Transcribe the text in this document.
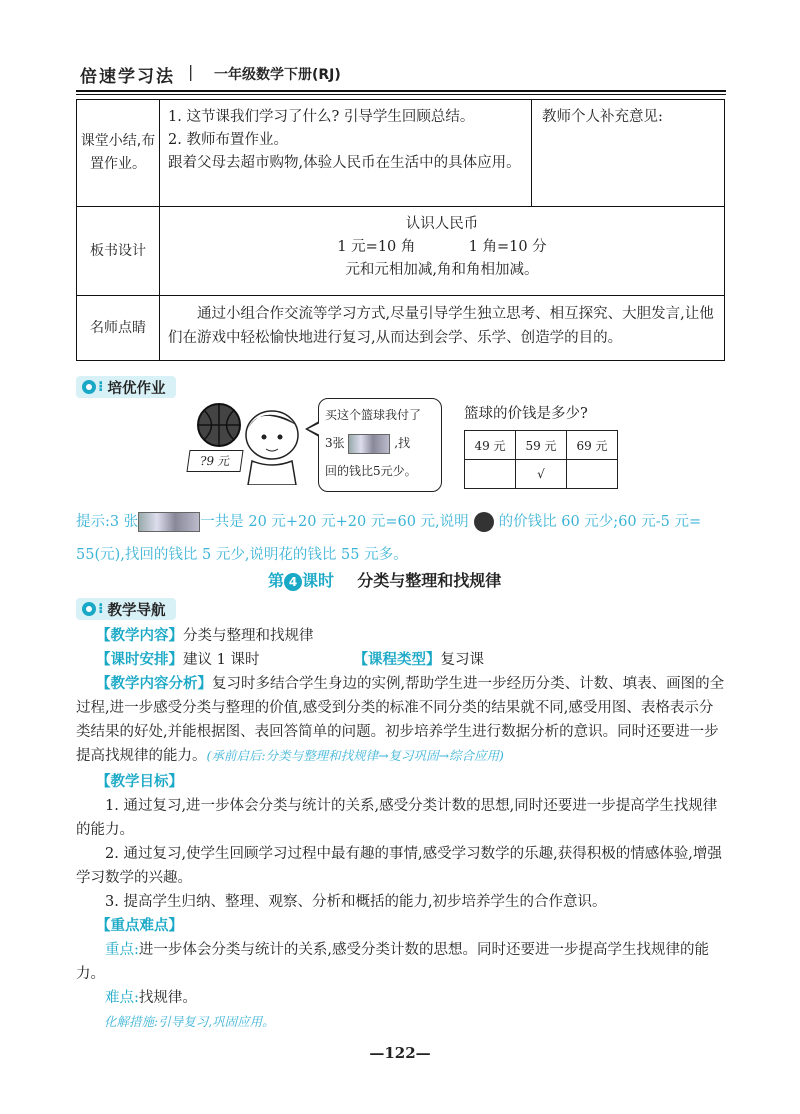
倍速学习法 | 一年级数学下册(RJ)
课堂小结,布置作业。	1. 这节课我们学习了什么? 引导学生回顾总结。
2. 教师布置作业。
跟着父母去超市购物,体验人民币在生活中的具体应用。	教师个人补充意见:
板书设计	认识人民币
1 元=10 角 1 角=10 分
元和元相加减,角和角相加减。	

名师点睛	通过小组合作交流等学习方式,尽量引导学生独立思考、相互探究、大胆发言,让他们在游戏中轻松愉快地进行复习,从而达到会学、乐学、创造学的目的。	
⁝ 培优作业
?9 元
买这个篮球我付了
3张	,找
回的钱比5元少。
篮球的价钱是多少?
49 元	59 元	69 元
	√	
提示:3 张	一共是 20 元+20 元+20 元=60 元,说明 的价钱比 60 元少;60 元-5 元=
55(元),找回的钱比 5 元少,说明花的钱比 55 元多。
第 4 课时 分类与整理和找规律
⁝ 教学导航
【教学内容】分类与整理和找规律
【课时安排】建议 1 课时	【课程类型】复习课
【教学内容分析】复习时多结合学生身边的实例,帮助学生进一步经历分类、计数、填表、画图的全过程,进一步感受分类与整理的价值,感受到分类的标准不同分类的结果就不同,感受用图、表格表示分类结果的好处,并能根据图、表回答简单的问题。初步培养学生进行数据分析的意识。同时还要进一步提高找规律的能力。(承前启后:分类与整理和找规律→复习巩固→综合应用)
【教学目标】
1. 通过复习,进一步体会分类与统计的关系,感受分类计数的思想,同时还要进一步提高学生找规律的能力。
2. 通过复习,使学生回顾学习过程中最有趣的事情,感受学习数学的乐趣,获得积极的情感体验,增强学习数学的兴趣。
3. 提高学生归纳、整理、观察、分析和概括的能力,初步培养学生的合作意识。
【重点难点】
重点:进一步体会分类与统计的关系,感受分类计数的思想。同时还要进一步提高学生找规律的能力。
难点:找规律。
化解措施:引导复习,巩固应用。
—122—
